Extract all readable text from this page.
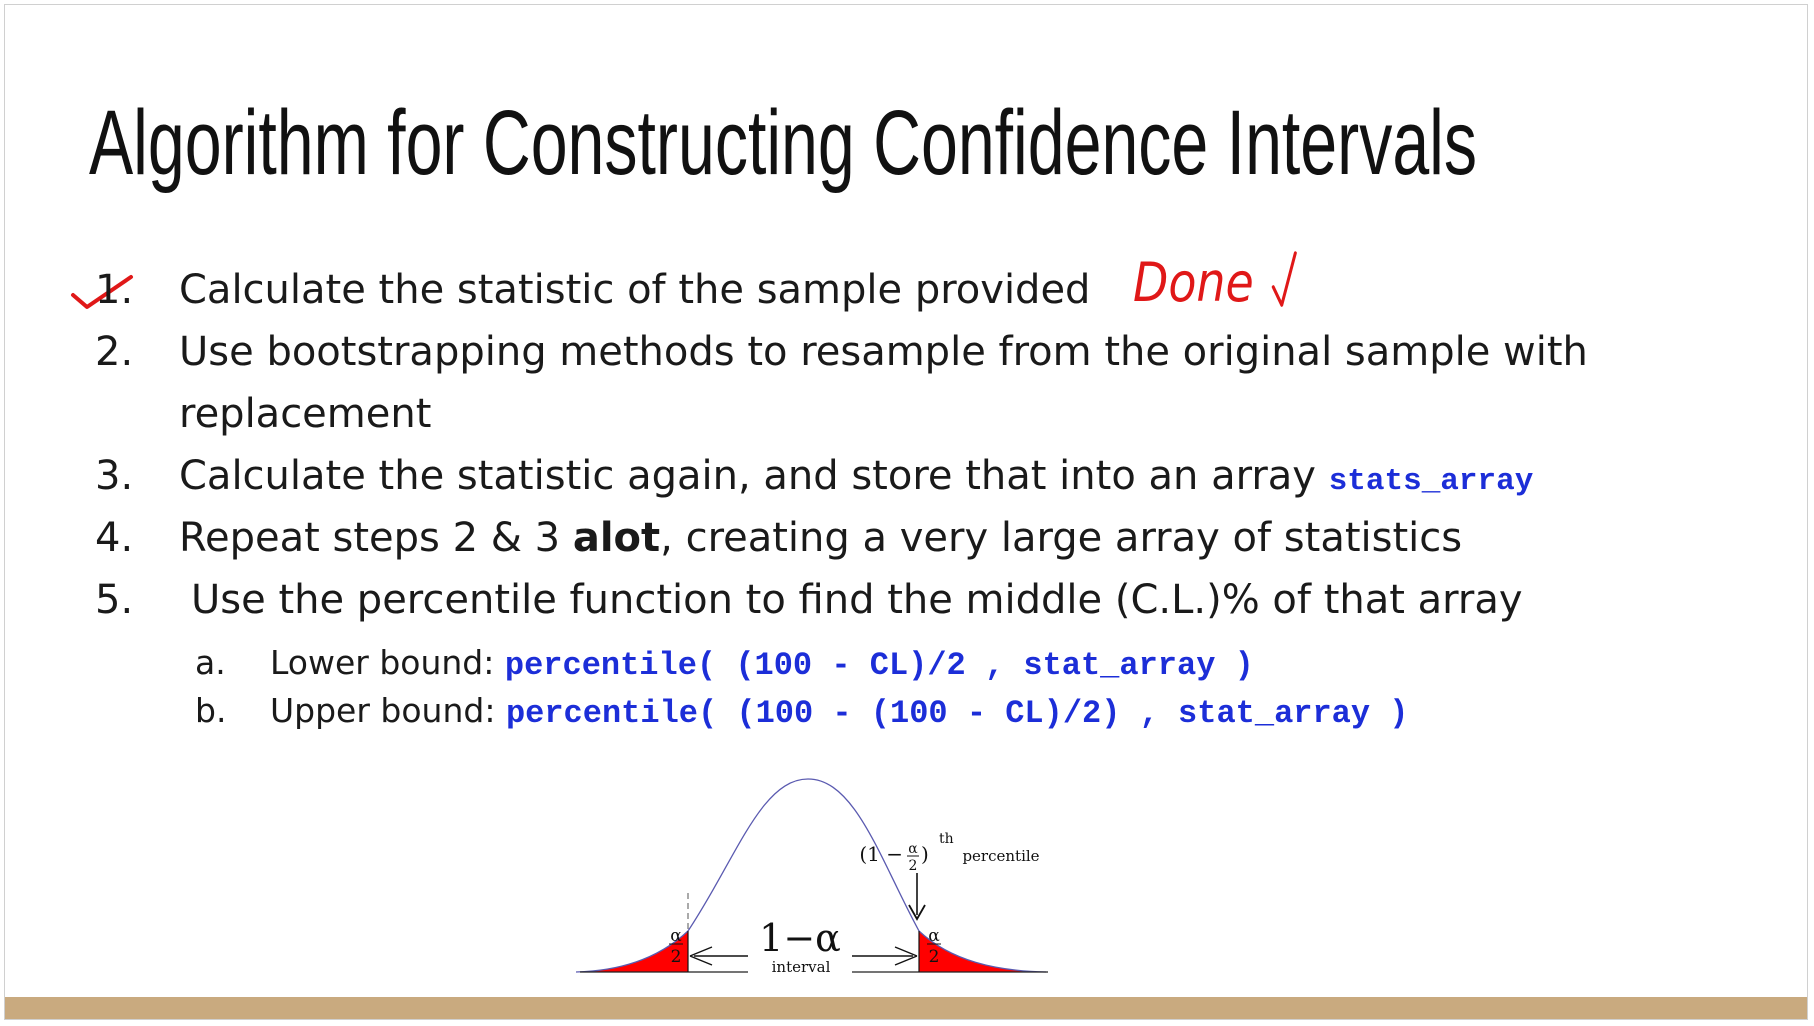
Algorithm for Constructing Confidence Intervals
1. Calculate the statistic of the sample provided Done
2. Use bootstrapping methods to resample from the original sample with
replacement
3. Calculate the statistic again, and store that into an array stats_array
4. Repeat steps 2 & 3 alot, creating a very large array of statistics
5. Use the percentile function to find the middle (C.L.)% of that array
a. Lower bound: percentile( (100 - CL)/2 , stat_array )
b. Upper bound: percentile( (100 - (100 - CL)/2) , stat_array )
1−α
interval
α
2
α
2
(1 − α
2 )
th
percentile
